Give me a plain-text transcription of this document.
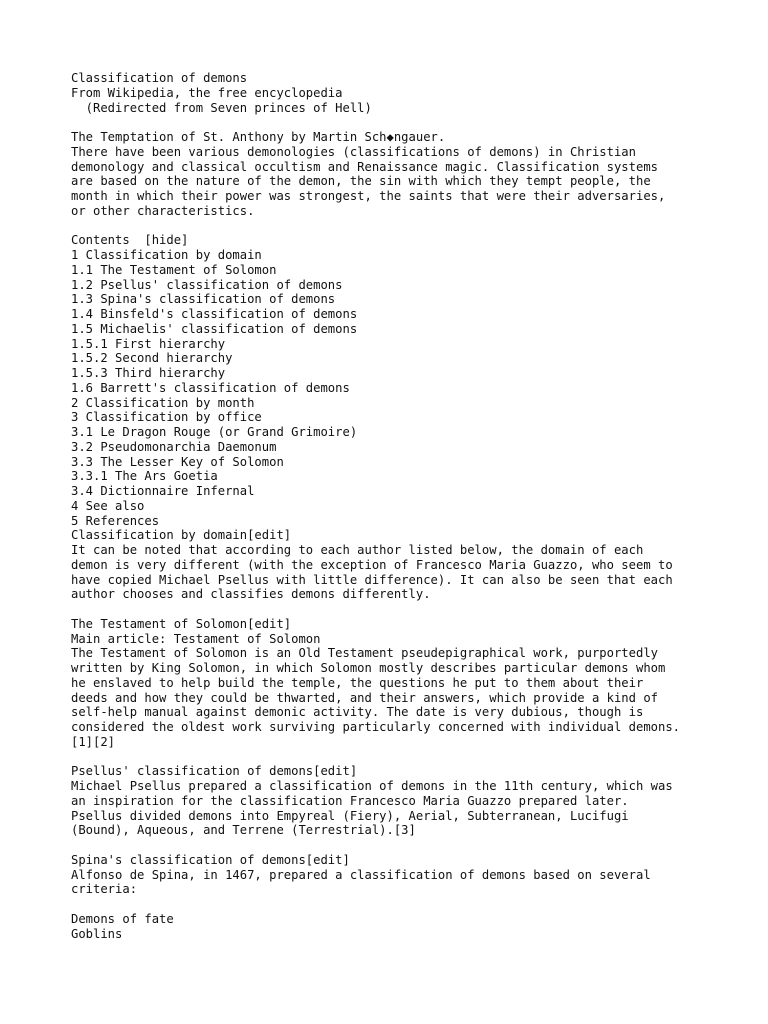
Classification of demons
From Wikipedia, the free encyclopedia
(Redirected from Seven princes of Hell)
The Temptation of St. Anthony by Martin Sch◆ngauer.
There have been various demonologies (classifications of demons) in Christian
demonology and classical occultism and Renaissance magic. Classification systems
are based on the nature of the demon, the sin with which they tempt people, the
month in which their power was strongest, the saints that were their adversaries,
or other characteristics.
Contents  [hide]
1 Classification by domain
1.1 The Testament of Solomon
1.2 Psellus' classification of demons
1.3 Spina's classification of demons
1.4 Binsfeld's classification of demons
1.5 Michaelis' classification of demons
1.5.1 First hierarchy
1.5.2 Second hierarchy
1.5.3 Third hierarchy
1.6 Barrett's classification of demons
2 Classification by month
3 Classification by office
3.1 Le Dragon Rouge (or Grand Grimoire)
3.2 Pseudomonarchia Daemonum
3.3 The Lesser Key of Solomon
3.3.1 The Ars Goetia
3.4 Dictionnaire Infernal
4 See also
5 References
Classification by domain[edit]
It can be noted that according to each author listed below, the domain of each
demon is very different (with the exception of Francesco Maria Guazzo, who seem to
have copied Michael Psellus with little difference). It can also be seen that each
author chooses and classifies demons differently.
The Testament of Solomon[edit]
Main article: Testament of Solomon
The Testament of Solomon is an Old Testament pseudepigraphical work, purportedly
written by King Solomon, in which Solomon mostly describes particular demons whom
he enslaved to help build the temple, the questions he put to them about their
deeds and how they could be thwarted, and their answers, which provide a kind of
self-help manual against demonic activity. The date is very dubious, though is
considered the oldest work surviving particularly concerned with individual demons.
[1][2]
Psellus' classification of demons[edit]
Michael Psellus prepared a classification of demons in the 11th century, which was
an inspiration for the classification Francesco Maria Guazzo prepared later.
Psellus divided demons into Empyreal (Fiery), Aerial, Subterranean, Lucifugi
(Bound), Aqueous, and Terrene (Terrestrial).[3]
Spina's classification of demons[edit]
Alfonso de Spina, in 1467, prepared a classification of demons based on several
criteria:
Demons of fate
Goblins
